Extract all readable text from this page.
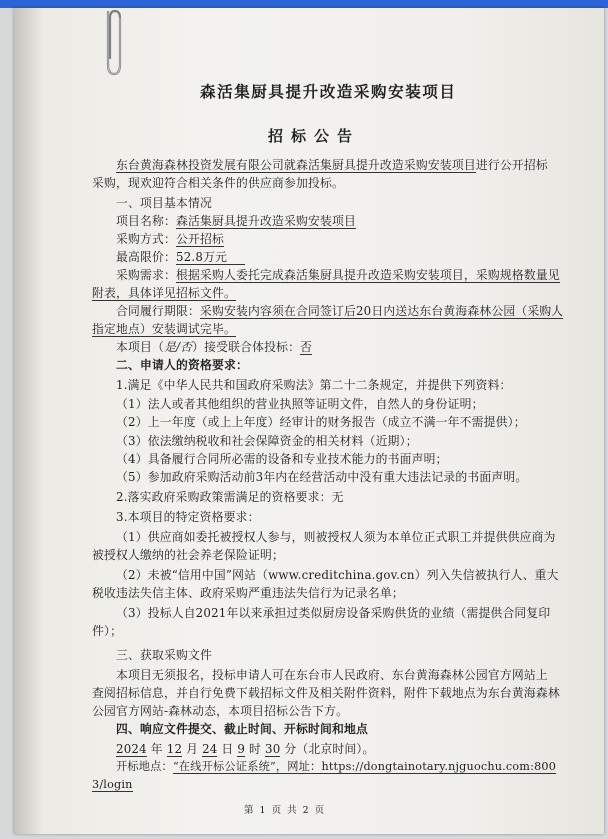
森活集厨具提升改造采购安装项目
招标公告
东台黄海森林投资发展有限公司就森活集厨具提升改造采购安装项目进行公开招标
采购，现欢迎符合相关条件的供应商参加投标。
一、项目基本情况
项目名称：森活集厨具提升改造采购安装项目
采购方式：公开招标
最高限价：52.8万元
采购需求：根据采购人委托完成森活集厨具提升改造采购安装项目，采购规格数量见
附表，具体详见招标文件。
合同履行期限：采购安装内容须在合同签订后20日内送达东台黄海森林公园（采购人
指定地点）安装调试完毕。
本项目（是/否）接受联合体投标：否
二、申请人的资格要求：
1.满足《中华人民共和国政府采购法》第二十二条规定，并提供下列资料：
（1）法人或者其他组织的营业执照等证明文件，自然人的身份证明；
（2）上一年度（或上上年度）经审计的财务报告（成立不满一年不需提供）；
（3）依法缴纳税收和社会保障资金的相关材料（近期）；
（4）具备履行合同所必需的设备和专业技术能力的书面声明；
（5）参加政府采购活动前3年内在经营活动中没有重大违法记录的书面声明。
2.落实政府采购政策需满足的资格要求：无
3.本项目的特定资格要求：
（1）供应商如委托被授权人参与，则被授权人须为本单位正式职工并提供供应商为
被授权人缴纳的社会养老保险证明；
（2）未被“信用中国”网站（www.creditchina.gov.cn）列入失信被执行人、重大
税收违法失信主体、政府采购严重违法失信行为记录名单；
（3）投标人自2021年以来承担过类似厨房设备采购供货的业绩（需提供合同复印
件）；
三、获取采购文件
本项目无须报名，投标申请人可在东台市人民政府、东台黄海森林公园官方网站上
查阅招标信息，并自行免费下载招标文件及相关附件资料，附件下载地点为东台黄海森林
公园官方网站-森林动态，本项目招标公告下方。
四、响应文件提交、截止时间、开标时间和地点
2024 年 12 月 24 日 9 时 30 分（北京时间）。
开标地点：“在线开标公证系统”，网址：https://dongtainotary.njguochu.com:800
3/login
第 1 页 共 2 页
